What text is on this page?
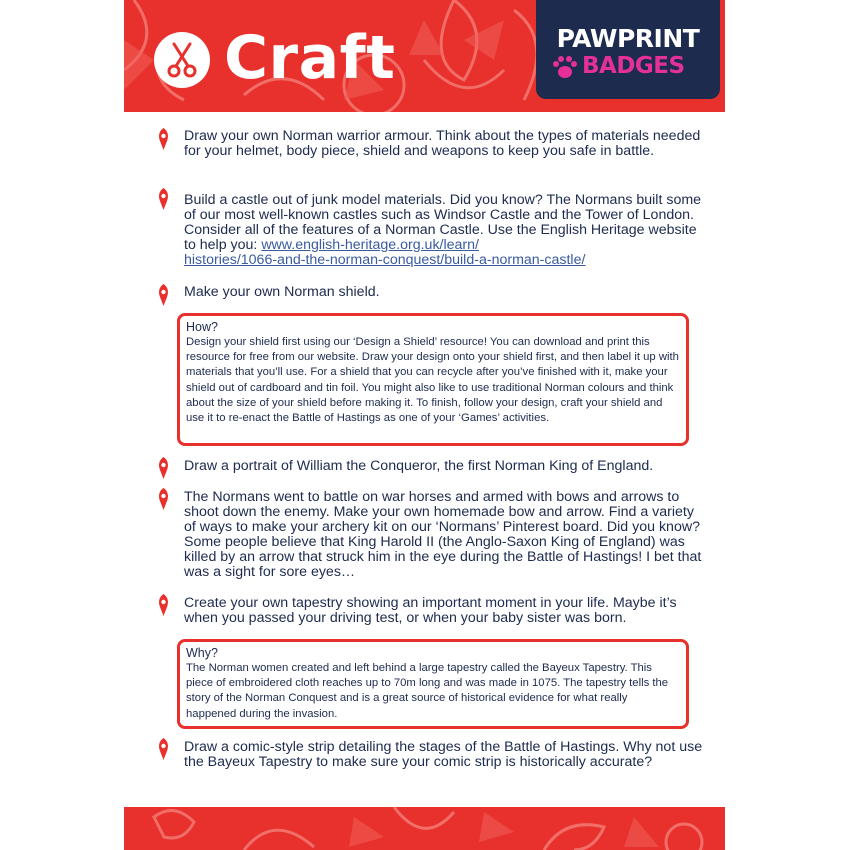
Craft	PAWPRINT
BADGES
Draw your own Norman warrior armour. Think about the types of materials needed for your helmet, body piece, shield and weapons to keep you safe in battle.
Build a castle out of junk model materials. Did you know? The Normans built some of our most well-known castles such as Windsor Castle and the Tower of London. Consider all of the features of a Norman Castle. Use the English Heritage website to help you: www.english-heritage.org.uk/learn/
histories/1066-and-the-norman-conquest/build-a-norman-castle/
Make your own Norman shield.
How?
Design your shield first using our ‘Design a Shield’ resource! You can download and print this resource for free from our website. Draw your design onto your shield first, and then label it up with materials that you’ll use. For a shield that you can recycle after you’ve finished with it, make your shield out of cardboard and tin foil. You might also like to use traditional Norman colours and think about the size of your shield before making it. To finish, follow your design, craft your shield and use it to re-enact the Battle of Hastings as one of your ‘Games’ activities.
Draw a portrait of William the Conqueror, the first Norman King of England.
The Normans went to battle on war horses and armed with bows and arrows to shoot down the enemy. Make your own homemade bow and arrow. Find a variety of ways to make your archery kit on our ‘Normans’ Pinterest board. Did you know? Some people believe that King Harold II (the Anglo-Saxon King of England) was killed by an arrow that struck him in the eye during the Battle of Hastings! I bet that was a sight for sore eyes…
Create your own tapestry showing an important moment in your life. Maybe it’s when you passed your driving test, or when your baby sister was born.
Why?
The Norman women created and left behind a large tapestry called the Bayeux Tapestry. This piece of embroidered cloth reaches up to 70m long and was made in 1075. The tapestry tells the story of the Norman Conquest and is a great source of historical evidence for what really happened during the invasion.
Draw a comic-style strip detailing the stages of the Battle of Hastings. Why not use the Bayeux Tapestry to make sure your comic strip is historically accurate?
